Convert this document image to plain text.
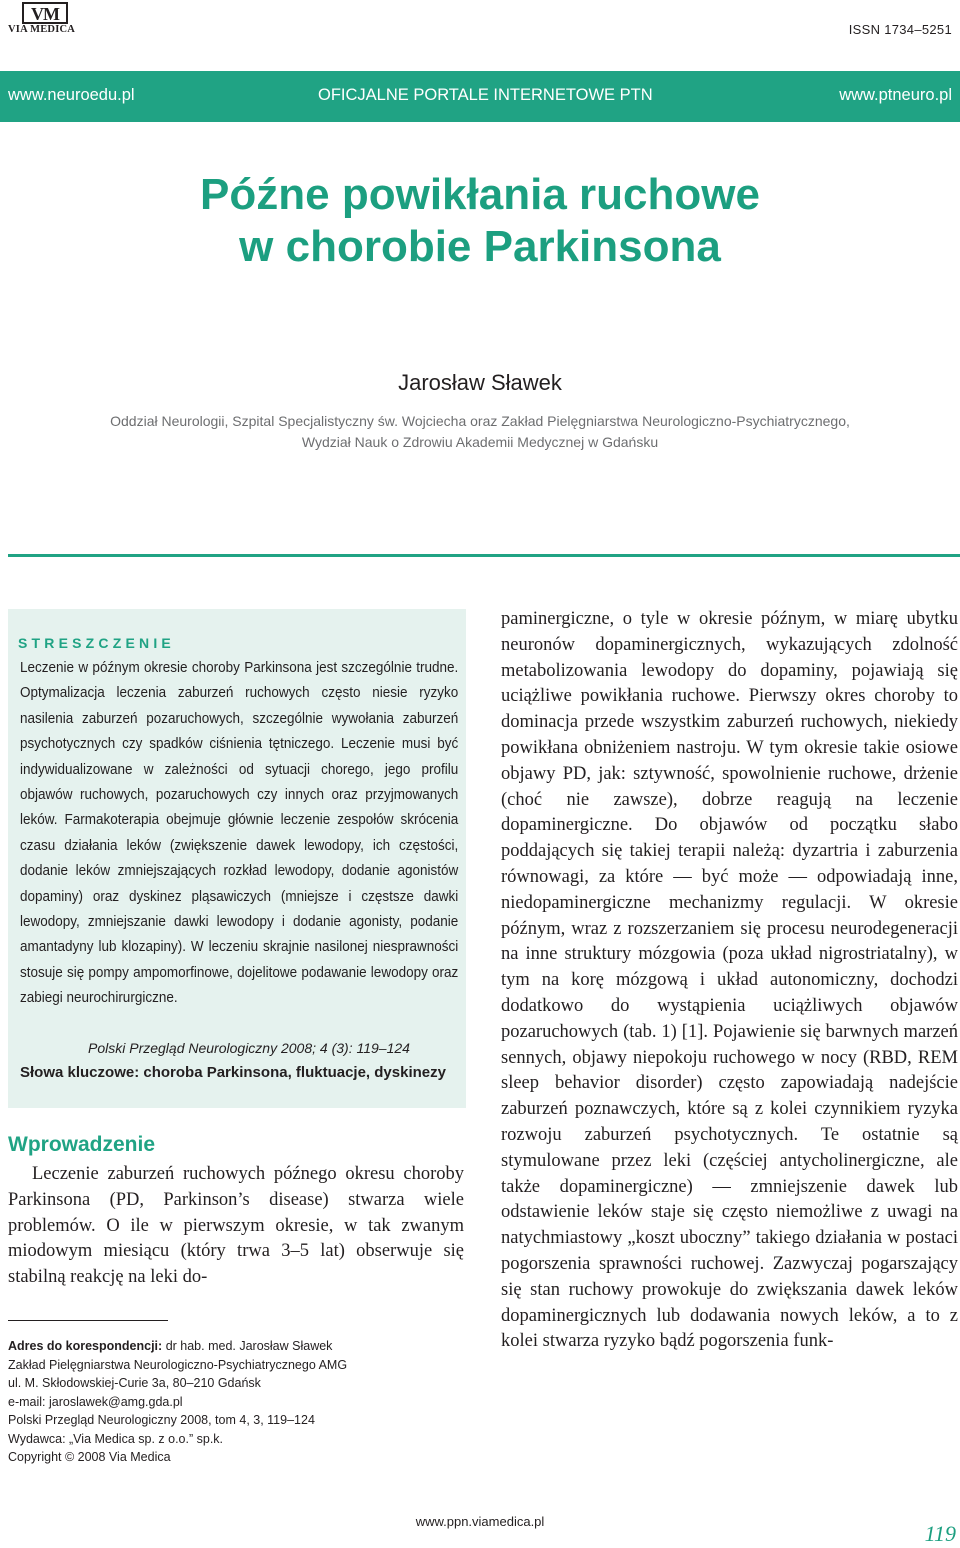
VM
VIA MEDICA	ISSN 1734–5251
www.neuroedu.pl	OFICJALNE PORTALE INTERNETOWE PTN	www.ptneuro.pl
Późne powikłania ruchowe
w chorobie Parkinsona
Jarosław Sławek
Oddział Neurologii, Szpital Specjalistyczny św. Wojciecha oraz Zakład Pielęgniarstwa Neurologiczno-Psychiatrycznego,
Wydział Nauk o Zdrowiu Akademii Medycznej w Gdańsku
STRESZCZENIE
Leczenie w późnym okresie choroby Parkinsona jest szczególnie trudne. Optymalizacja leczenia zaburzeń ruchowych często niesie ryzyko nasilenia zaburzeń pozaruchowych, szczególnie wywołania zaburzeń psychotycznych czy spadków ciśnienia tętniczego. Leczenie musi być indywidualizowane w zależności od sytuacji chorego, jego profilu objawów ruchowych, pozaruchowych czy innych oraz przyjmowanych leków. Farmakoterapia obejmuje głównie leczenie zespołów skrócenia czasu działania leków (zwiększenie dawek lewodopy, ich częstości, dodanie leków zmniejszających rozkład lewodopy, dodanie agonistów dopaminy) oraz dyskinez pląsawiczych (mniejsze i częstsze dawki lewodopy, zmniejszanie dawki lewodopy i dodanie agonisty, podanie amantadyny lub klozapiny). W leczeniu skrajnie nasilonej niesprawności stosuje się pompy ampomorfinowe, dojelitowe podawanie lewodopy oraz zabiegi neurochirurgiczne.
Polski Przegląd Neurologiczny 2008; 4 (3): 119–124
Słowa kluczowe: choroba Parkinsona, fluktuacje, dyskinezy
Wprowadzenie

Leczenie zaburzeń ruchowych późnego okresu choroby Parkinsona (PD, Parkinson’s disease) stwarza wiele problemów. O ile w pierwszym okresie, w tak zwanym miodowym miesiącu (który trwa 3–5 lat) obserwuje się stabilną reakcję na leki do-

Adres do korespondencji: dr hab. med. Jarosław Sławek
Zakład Pielęgniarstwa Neurologiczno-Psychiatrycznego AMG
ul. M. Skłodowskiej-Curie 3a, 80–210 Gdańsk
e-mail: jaroslawek@amg.gda.pl
Polski Przegląd Neurologiczny 2008, tom 4, 3, 119–124
Wydawca: „Via Medica sp. z o.o.” sp.k.
Copyright © 2008 Via Medica
paminergiczne, o tyle w okresie późnym, w miarę ubytku neuronów dopaminergicznych, wykazujących zdolność metabolizowania lewodopy do dopaminy, pojawiają się uciążliwe powikłania ruchowe. Pierwszy okres choroby to dominacja przede wszystkim zaburzeń ruchowych, niekiedy powikłana obniżeniem nastroju. W tym okresie takie osiowe objawy PD, jak: sztywność, spowolnienie ruchowe, drżenie (choć nie zawsze), dobrze reagują na leczenie dopaminergiczne. Do objawów od początku słabo poddających się takiej terapii należą: dyzartria i zaburzenia równowagi, za które — być może — odpowiadają inne, niedopaminergiczne mechanizmy regulacji. W okresie późnym, wraz z rozszerzaniem się procesu neurodegeneracji na inne struktury mózgowia (poza układ nigrostriatalny), w tym na korę mózgową i układ autonomiczny, dochodzi dodatkowo do wystąpienia uciążliwych objawów pozaruchowych (tab. 1) [1]. Pojawienie się barwnych marzeń sennych, objawy niepokoju ruchowego w nocy (RBD, REM sleep behavior disorder) często zapowiadają nadejście zaburzeń poznawczych, które są z kolei czynnikiem ryzyka rozwoju zaburzeń psychotycznych. Te ostatnie są stymulowane przez leki (częściej antycholinergiczne, ale także dopaminergiczne) — zmniejszenie dawek lub odstawienie leków staje się często niemożliwe z uwagi na natychmiastowy „koszt uboczny” takiego działania w postaci pogorszenia sprawności ruchowej. Zazwyczaj pogarszający się stan ruchowy prowokuje do zwiększania dawek leków dopaminergicznych lub dodawania nowych leków, a to z kolei stwarza ryzyko bądź pogorszenia funk-
www.ppn.viamedica.pl	119
